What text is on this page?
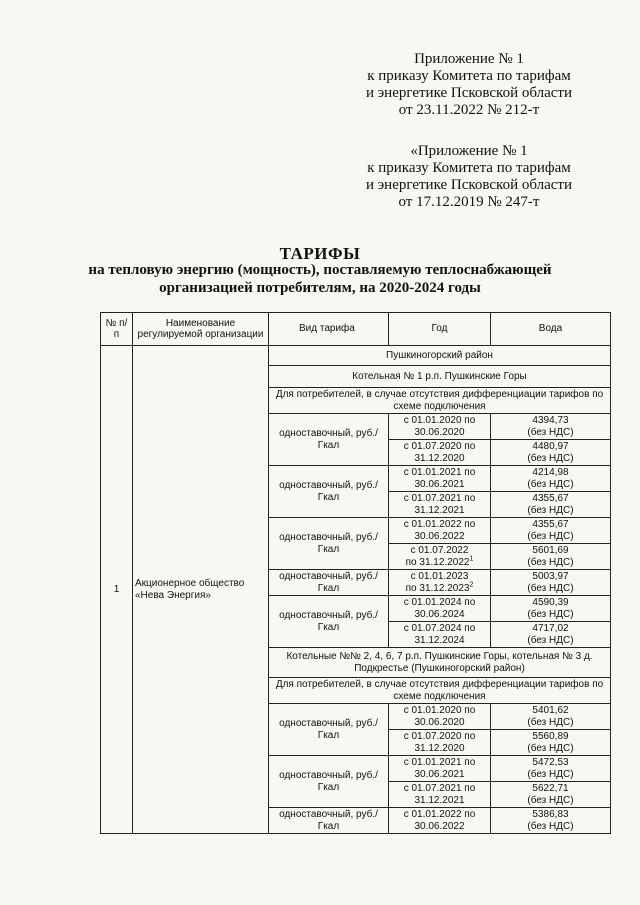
Приложение № 1
к приказу Комитета по тарифам
и энергетике Псковской области
от 23.11.2022 № 212-т
«Приложение № 1
к приказу Комитета по тарифам
и энергетике Псковской области
от 17.12.2019 № 247-т
ТАРИФЫ
на тепловую энергию (мощность), поставляемую теплоснабжающей
организацией потребителям, на 2020-2024 годы
№ п/п	Наименование регулируемой организации	Вид тарифа	Год	Вода
1	Акционерное общество «Нева Энергия»	Пушкиногорский район		
		Котельная № 1 р.п. Пушкинские Горы		
		Для потребителей, в случае отсутствия дифференциации тарифов по схеме подключения		
		одноставочный, руб./Гкал	с 01.01.2020 по 30.06.2020	4394,73
(без НДС)
			с 01.07.2020 по 31.12.2020	4480,97
(без НДС)
		одноставочный, руб./Гкал	с 01.01.2021 по 30.06.2021	4214,98
(без НДС)
			с 01.07.2021 по 31.12.2021	4355,67
(без НДС)
		одноставочный, руб./Гкал	с 01.01.2022 по 30.06.2022	4355,67
(без НДС)
			с 01.07.2022
по 31.12.2022$^1$	5601,69
(без НДС)
		одноставочный, руб./Гкал	с 01.01.2023
по 31.12.2023$^2$	5003,97
(без НДС)
		одноставочный, руб./Гкал	с 01.01.2024 по 30.06.2024	4590,39
(без НДС)
			с 01.07.2024 по 31.12.2024	4717,02
(без НДС)
		Котельные №№ 2, 4, 6, 7 р.п. Пушкинские Горы, котельная № 3 д. Подкрестье (Пушкиногорский район)		
		Для потребителей, в случае отсутствия дифференциации тарифов по схеме подключения		
		одноставочный, руб./Гкал	с 01.01.2020 по 30.06.2020	5401,62
(без НДС)
			с 01.07.2020 по 31.12.2020	5560,89
(без НДС)
		одноставочный, руб./Гкал	с 01.01.2021 по 30.06.2021	5472,53
(без НДС)
			с 01.07.2021 по 31.12.2021	5622,71
(без НДС)
		одноставочный, руб./Гкал	с 01.01.2022 по 30.06.2022	5386,83
(без НДС)
